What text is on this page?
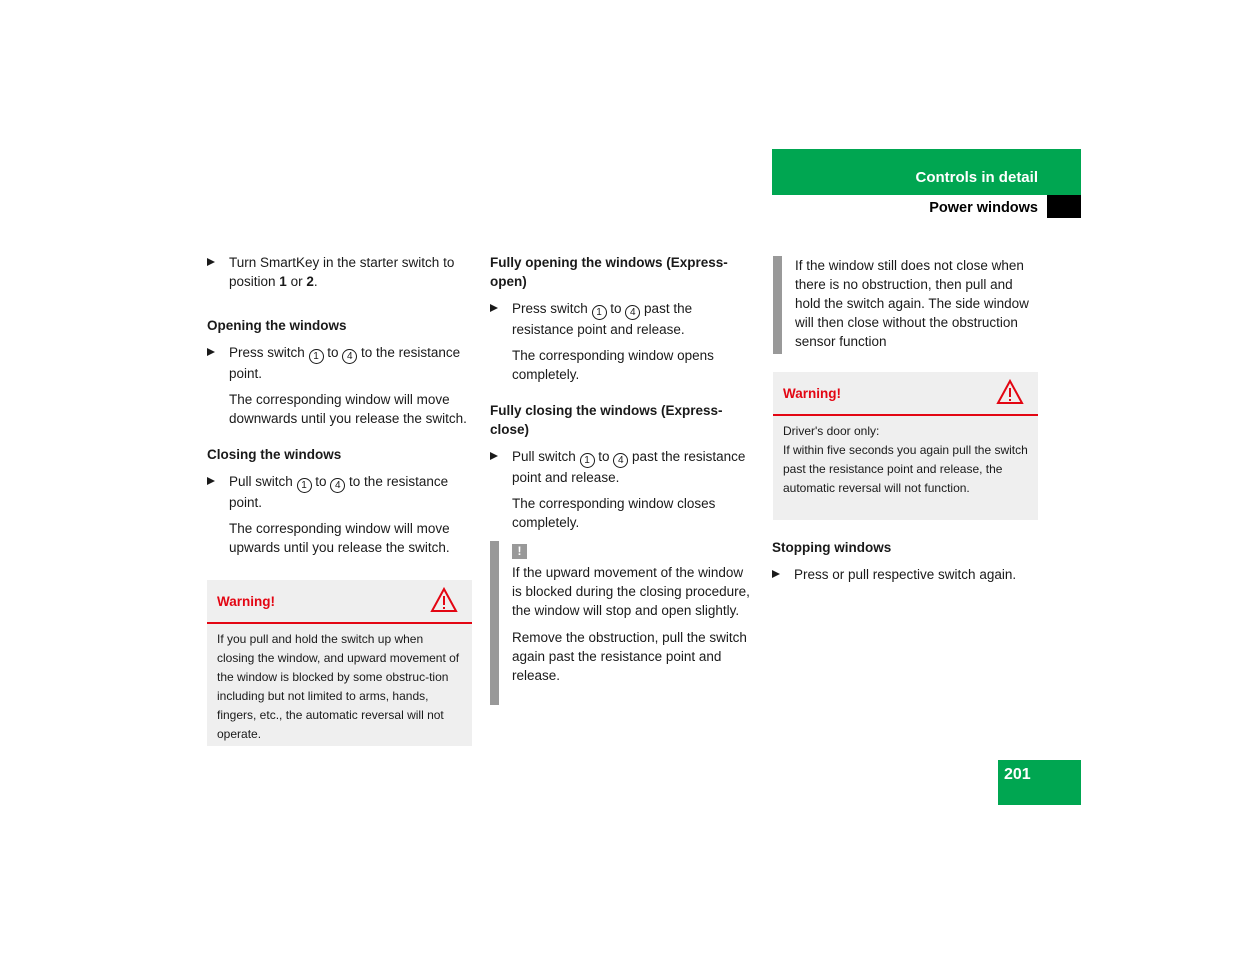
Controls in detail
Power windows
Turn SmartKey in the starter switch to position 1 or 2.
Opening the windows
Press switch 1 to 4 to the resistance point.
The corresponding window will move downwards until you release the switch.
Closing the windows
Pull switch 1 to 4 to the resistance point.
The corresponding window will move upwards until you release the switch.
Warning!
If you pull and hold the switch up when closing the window, and upward movement of the window is blocked by some obstruc-tion including but not limited to arms, hands, fingers, etc., the automatic reversal will not operate.
Fully opening the windows (Express-open)
Press switch 1 to 4 past the resistance point and release.
The corresponding window opens completely.
Fully closing the windows (Express-close)
Pull switch 1 to 4 past the resistance point and release.
The corresponding window closes completely.
!
If the upward movement of the window is blocked during the closing procedure, the window will stop and open slightly.
Remove the obstruction, pull the switch again past the resistance point and release.
If the window still does not close when there is no obstruction, then pull and hold the switch again. The side window will then close without the obstruction sensor function
Warning!
Driver's door only:
If within five seconds you again pull the switch past the resistance point and release, the automatic reversal will not function.
Stopping windows
Press or pull respective switch again.
201
